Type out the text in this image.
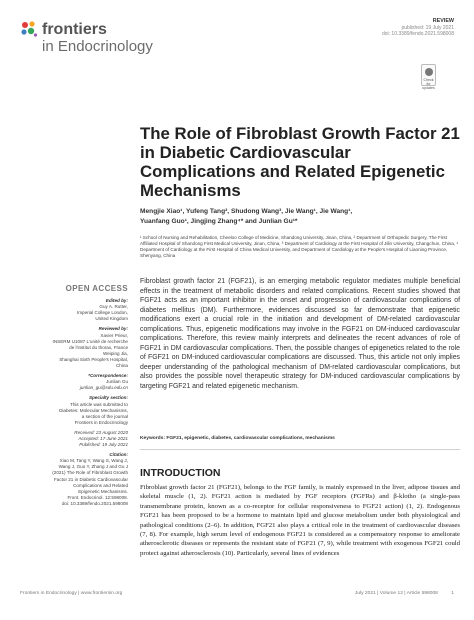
frontiers
in Endocrinology
REVIEW
published: 19 July 2021
doi: 10.3389/fendo.2021.598008
Check for updates
The Role of Fibroblast Growth Factor 21 in Diabetic Cardiovascular Complications and Related Epigenetic Mechanisms
Mengjie Xiao¹, Yufeng Tang², Shudong Wang³, Jie Wang¹, Jie Wang¹,
Yuanfang Guo¹, Jingjing Zhang⁴* and Junlian Gu¹*
¹ School of Nursing and Rehabilitation, Cheeloo College of Medicine, Shandong University, Jinan, China, ² Department of Orthopedic Surgery, The First Affiliated Hospital of Shandong First Medical University, Jinan, China, ³ Department of Cardiology at the First Hospital of Jilin University, Changchun, China, ⁴ Department of Cardiology at the First Hospital of China Medical University, and Department of Cardiology at the People's Hospital of Liaoning Province, Shenyang, China
OPEN ACCESS
Edited by:
Guy A. Rutter,
Imperial College London,
United Kingdom
Reviewed by:
Xavier Prieur,
INSERM U1087 L'unité de recherche
de l'institut du thorax, France
Weiping Jia,
Shanghai Sixth People's Hospital,
China
*Correspondence:
Junlian Gu
junlian_gu@sdu.edu.cn
Specialty section:
This article was submitted to
Diabetes: Molecular Mechanisms,
a section of the journal
Frontiers in Endocrinology
Received: 23 August 2020
Accepted: 17 June 2021
Published: 19 July 2021
Citation:
Xiao M, Tang Y, Wang S, Wang J,
Wang J, Guo Y, Zhang J and Gu J
(2021) The Role of Fibroblast Growth
Factor 21 in Diabetic Cardiovascular
Complications and Related
Epigenetic Mechanisms.
Front. Endocrinol. 12:598008.
doi: 10.3389/fendo.2021.598008
Fibroblast growth factor 21 (FGF21), is an emerging metabolic regulator mediates multiple beneficial effects in the treatment of metabolic disorders and related complications. Recent studies showed that FGF21 acts as an important inhibitor in the onset and progression of cardiovascular complications of diabetes mellitus (DM). Furthermore, evidences discussed so far demonstrate that epigenetic modifications exert a crucial role in the initiation and development of DM-related cardiovascular complications. Thus, epigenetic modifications may involve in the FGF21 on DM-induced cardiovascular complications. Therefore, this review mainly interprets and delineates the recent advances of role of FGF21 in DM cardiovascular complications. Then, the possible changes of epigenetics related to the role of FGF21 on DM-induced cardiovascular complications are discussed. Thus, this article not only implies deeper understanding of the pathological mechanism of DM-related cardiovascular complications, but also provides the possible novel therapeutic strategy for DM-induced cardiovascular complications by targeting FGF21 and related epigenetic mechanism.
Keywords: FGF21, epigenetic, diabetes, cardiovascular complications, mechanisms
INTRODUCTION
Fibroblast growth factor 21 (FGF21), belongs to the FGF family, is mainly expressed in the liver, adipose tissues and skeletal muscle (1, 2). FGF21 action is mediated by FGF receptors (FGFRs) and β-klotho (a single-pass transmembrane protein, known as a co-receptor for cellular responsiveness to FGF21 action) (1, 2). Endogenous FGF21 has been proposed to be a hormone to maintain lipid and glucose metabolism under both physiological and pathological conditions (2–6). In addition, FGF21 also plays a critical role in the treatment of cardiovascular diseases (7, 8). For example, high serum level of endogenous FGF21 is considered as a compensatory response to ameliorate atherosclerotic diseases or represents the resistant state of FGF21 (7, 9), while treatment with exogenous FGF21 could protect against atherosclerosis (10). Particularly, several lines of evidences
Frontiers in Endocrinology | www.frontiersin.org	July 2021 | Volume 12 | Article 598008	1
